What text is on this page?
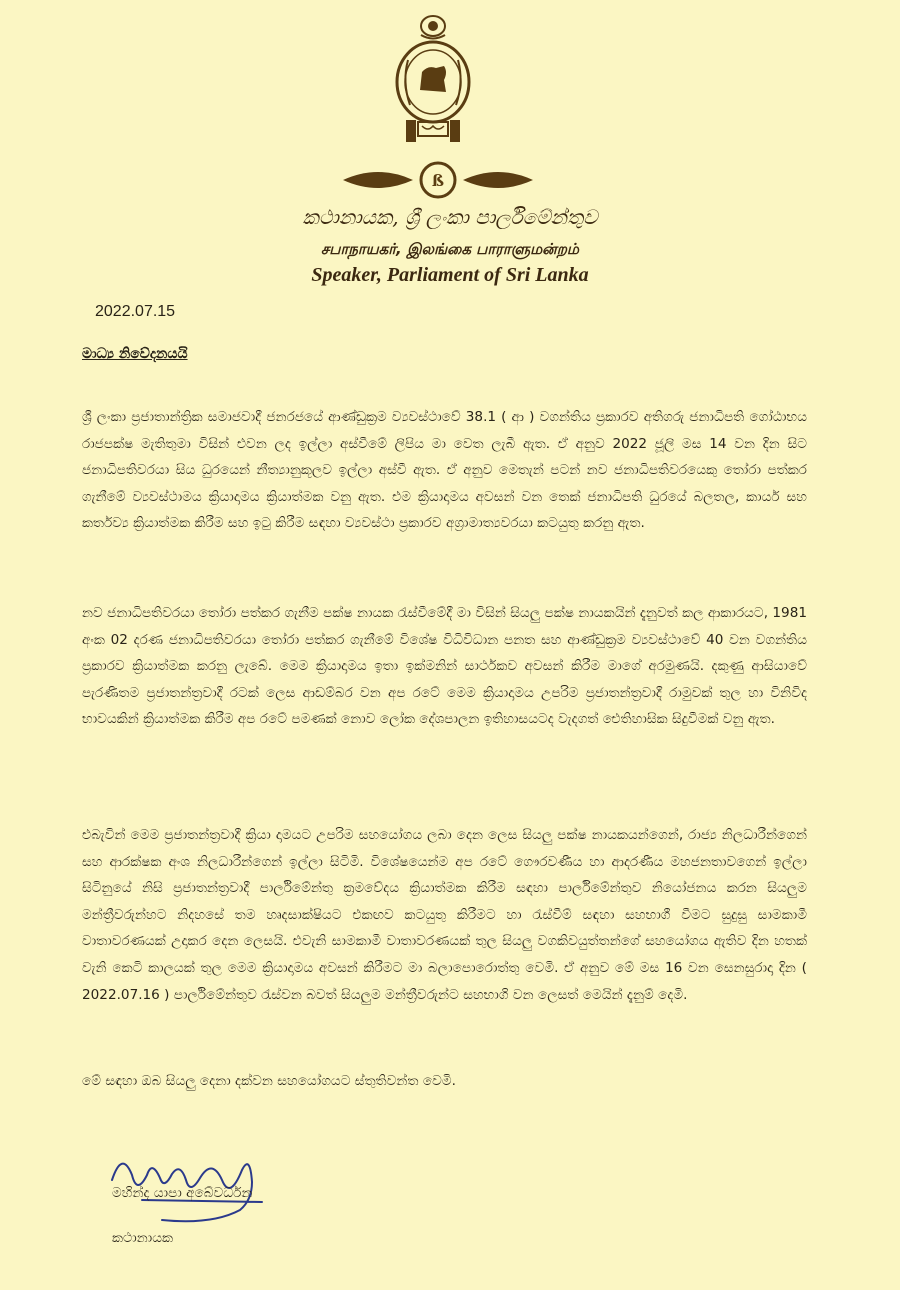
ß
කථානායක, ශ්‍රී ලංකා පාර්ලිමේන්තුව
சபாநாயகர், இலங்கை பாராளுமன்றம்
Speaker, Parliament of Sri Lanka
2022.07.15
මාධ්‍ය නිවේදනයයි
ශ්‍රී ලංකා ප්‍රජාතාන්ත්‍රික සමාජවාදී ජනරජයේ ආණ්ඩුක්‍රම ව්‍යවස්ථාවේ 38.1 ( ආ ) වගන්තිය ප්‍රකාරව අතිගරු ජනාධිපති ගෝඨාභය රාජපක්ෂ මැතිතුමා විසින් එවන ලද ඉල්ලා අස්වීමේ ලිපිය මා වෙත ලැබී ඇත. ඒ අනුව 2022 ජූලි මස 14 වන දින සිට ජනාධිපතිවරයා සිය ධුරයෙන් නීත්‍යානුකූලව ඉල්ලා අස්වී ඇත. ඒ අනුව මෙතැන් පටන් නව ජනාධිපතිවරයෙකු තෝරා පත්කර ගැනීමේ ව්‍යවස්ථාමය ක්‍රියාදාමය ක්‍රියාත්මක වනු ඇත. එම ක්‍රියාදාමය අවසන් වන තෙක් ජනාධිපති ධුරයේ බලතල, කාර්ය සහ කර්තව්‍ය ක්‍රියාත්මක කිරීම සහ ඉටු කිරීම සඳහා ව්‍යවස්ථා ප්‍රකාරව අග්‍රාමාත්‍යවරයා කටයුතු කරනු ඇත.
නව ජනාධිපතිවරයා තෝරා පත්කර ගැනීම පක්ෂ නායක රැස්වීමේදී මා විසින් සියලු පක්ෂ නායකයින් දැනුවත් කල ආකාරයට, 1981 අංක 02 දරණ ජනාධිපතිවරයා තෝරා පත්කර ගැනීමේ විශේෂ විධිවිධාන පනත සහ ආණ්ඩුක්‍රම ව්‍යවස්ථාවේ 40 වන වගන්තිය ප්‍රකාරව ක්‍රියාත්මක කරනු ලැබේ. මෙම ක්‍රියාදාමය ඉතා ඉක්මනින් සාර්ථකව අවසන් කිරීම මාගේ අරමුණයි. දකුණු ආසියාවේ පැරණිතම ප්‍රජාතන්ත්‍රවාදී රටක් ලෙස ආඩම්බර වන අප රටේ මෙම ක්‍රියාදාමය උපරිම ප්‍රජාතන්ත්‍රවාදී රාමුවක් තුල හා විනිවිද භාවයකින් ක්‍රියාත්මක කිරීම අප රටේ පමණක් නොව ලෝක දේශපාලන ඉතිහාසයටද වැදගත් ඓතිහාසික සිදුවීමක් වනු ඇත.
එබැවින් මෙම ප්‍රජාතන්ත්‍රවාදී ක්‍රියා දාමයට උපරිම සහයෝගය ලබා දෙන ලෙස සියලු පක්ෂ නායකයන්ගෙන්, රාජ්‍ය නිලධාරීන්ගෙන් සහ ආරක්ෂක අංශ නිලධාරීන්ගෙන් ඉල්ලා සිටිමි. විශේෂයෙන්ම අප රටේ ගෞරවණීය හා ආදරණීය මහජනතාවගෙන් ඉල්ලා සිටිනුයේ නිසි ප්‍රජාතන්ත්‍රවාදී පාර්ලිමේන්තු ක්‍රමවේදය ක්‍රියාත්මක කිරීම සඳහා පාර්ලිමේන්තුව නියෝජනය කරන සියලුම මන්ත්‍රීවරුන්හට නිදහසේ තම හෘදසාක්ෂියට එකඟව කටයුතු කිරීමට හා රැස්වීම් සඳහා සහභාගී වීමට සුදුසු සාමකාමී වාතාවරණයක් උදාකර දෙන ලෙසයි. එවැනි සාමකාමී වාතාවරණයක් තුල සියලු වගකිවයුත්තන්ගේ සහයෝගය ඇතිව දින හතක් වැනි කෙටි කාලයක් තුල මෙම ක්‍රියාදාමය අවසන් කිරීමට මා බලාපොරොත්තු වෙමි. ඒ අනුව මේ මස 16 වන සෙනසුරාදා දින ( 2022.07.16 ) පාර්ලිමේන්තුව රැස්වන බවත් සියලුම මන්ත්‍රීවරුන්ට සහභාගි වන ලෙසත් මෙයින් දැනුම් දෙමි.
මේ සඳහා ඔබ සියලු දෙනා දක්වන සහයෝගයට ස්තුතිවන්ත වෙමි.
මහින්ද යාපා අබේවර්ධන
කථානායක
